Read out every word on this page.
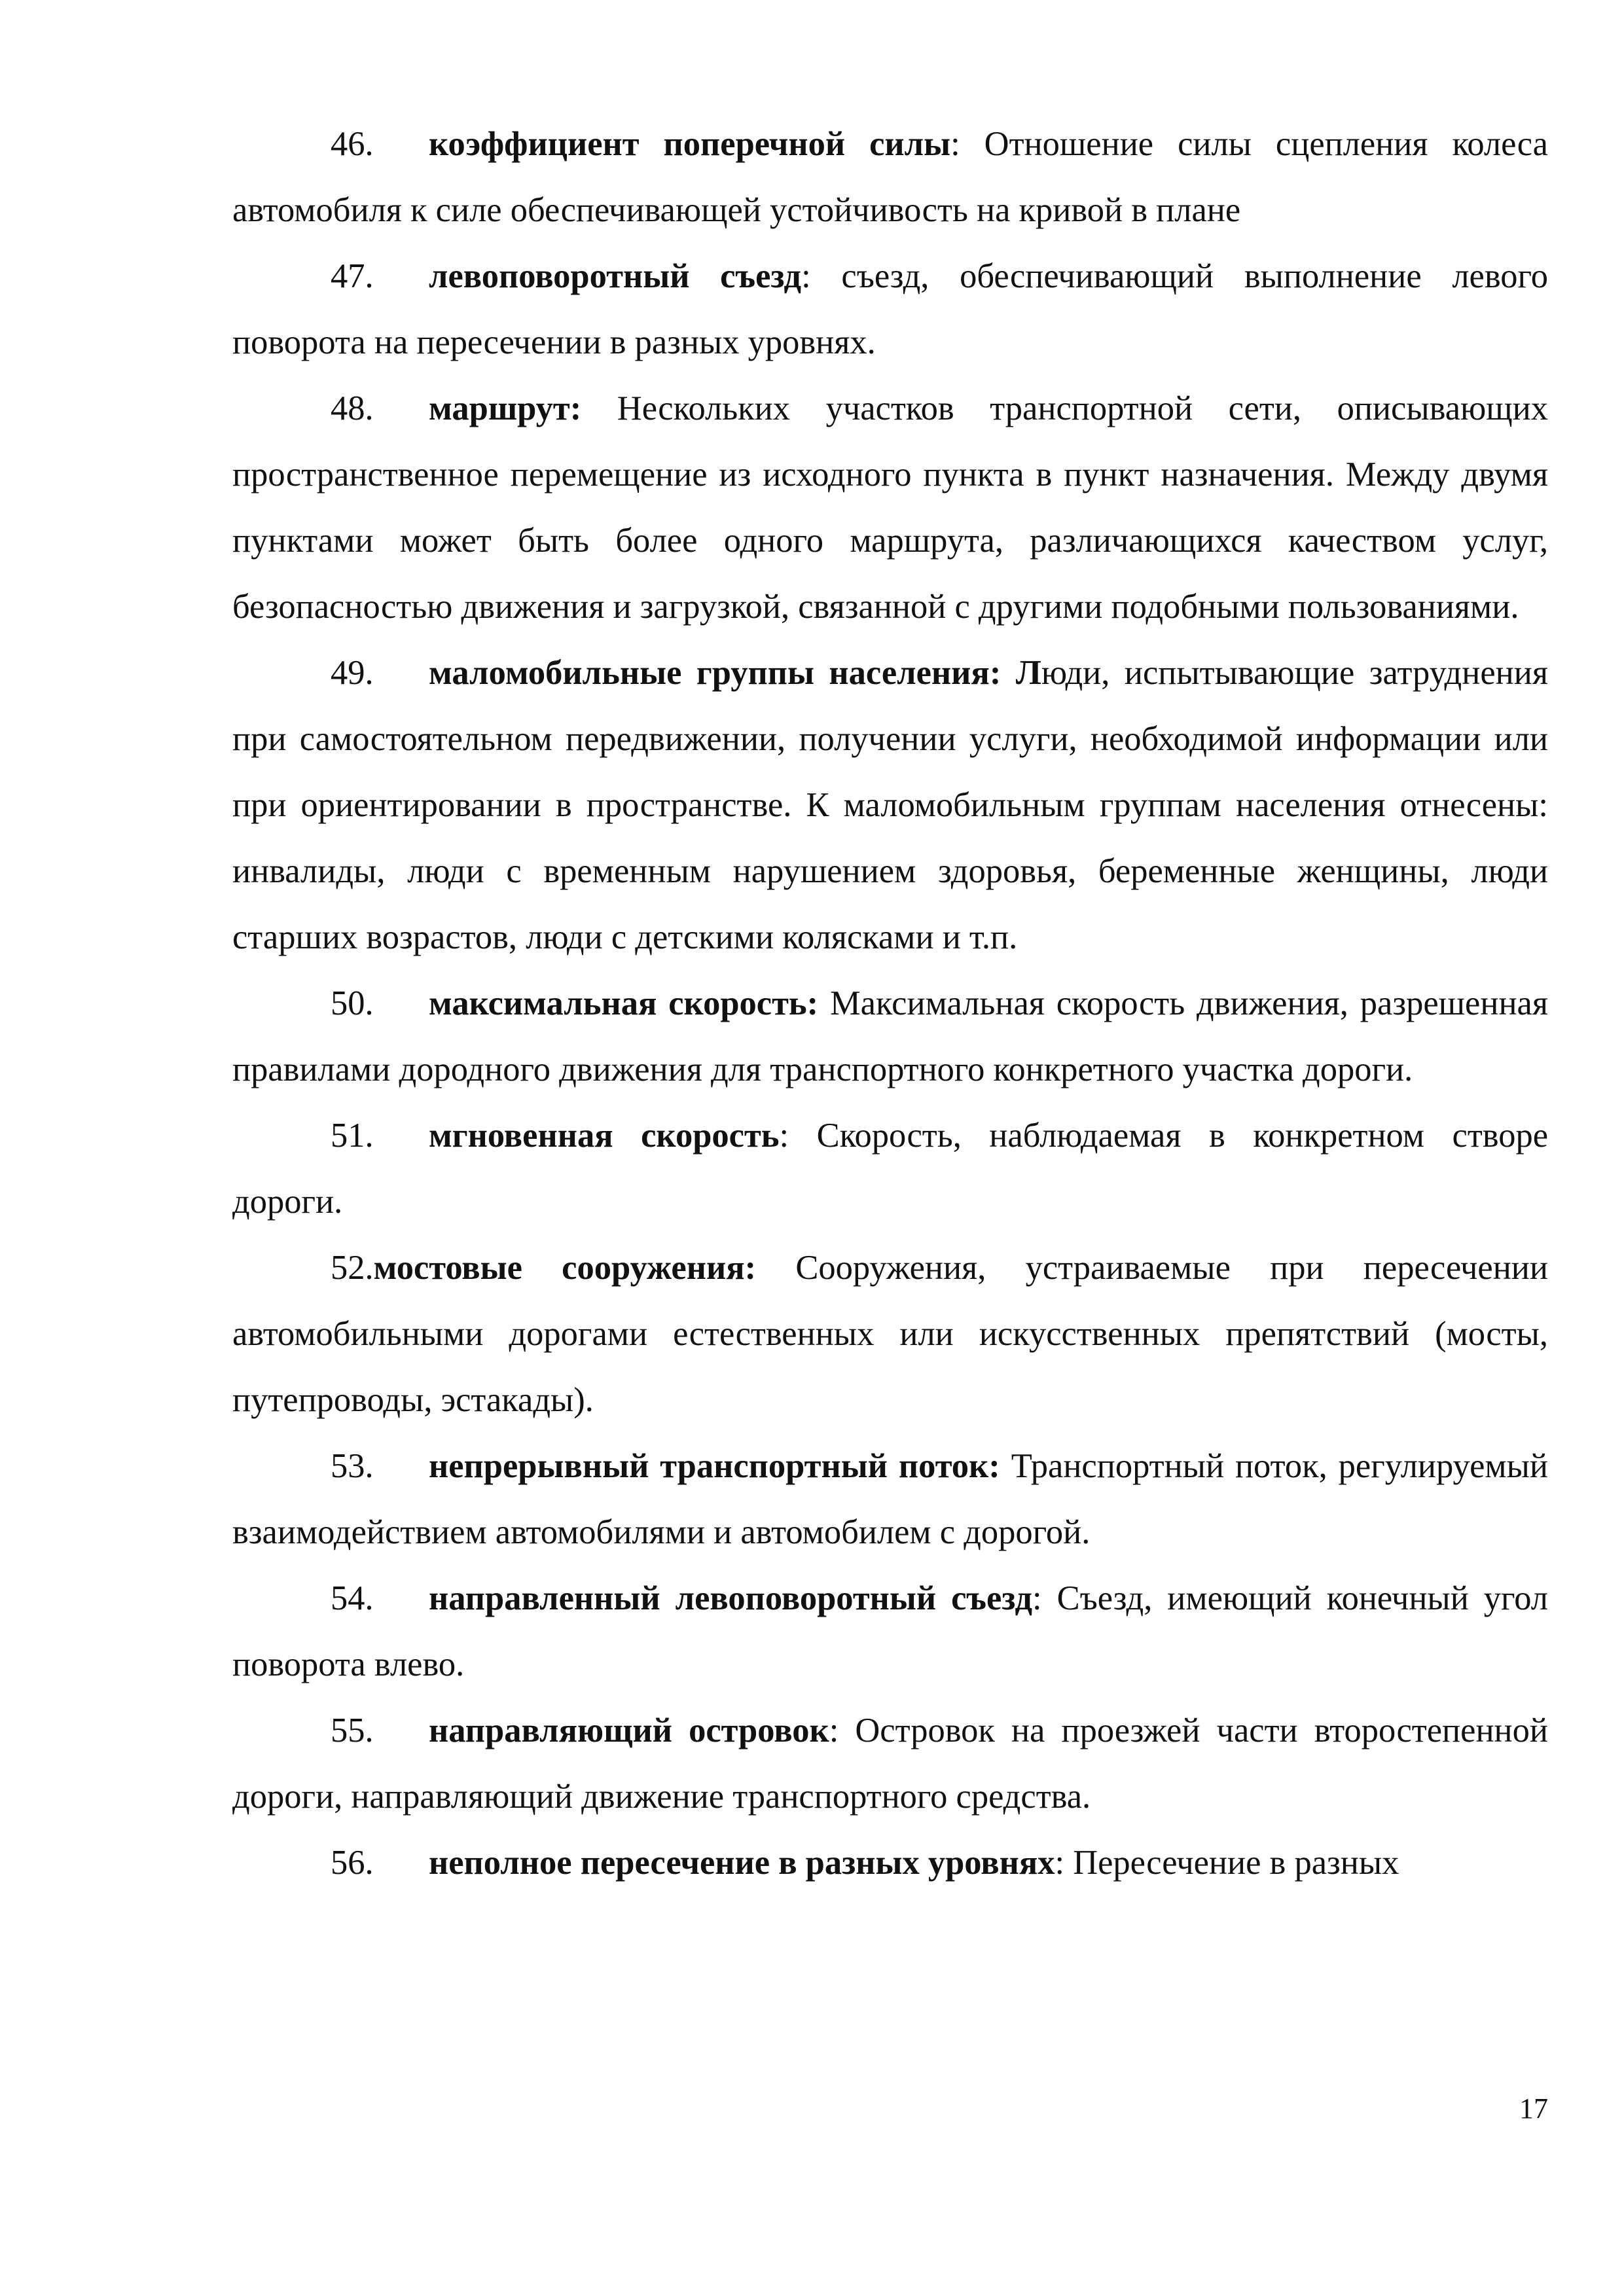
46. коэффициент поперечной силы: Отношение силы сцепления колеса автомобиля к силе обеспечивающей устойчивость на кривой в плане

47. левоповоротный съезд: съезд, обеспечивающий выполнение левого поворота на пересечении в разных уровнях.

48. маршрут: Нескольких участков транспортной сети, описывающих пространственное перемещение из исходного пункта в пункт назначения. Между двумя пунктами может быть более одного маршрута, различающихся качеством услуг, безопасностью движения и загрузкой, связанной с другими подобными пользованиями.

49. маломобильные группы населения: Люди, испытывающие затруднения при самостоятельном передвижении, получении услуги, необходимой информации или при ориентировании в пространстве. К маломобильным группам населения отнесены: инвалиды, люди с временным нарушением здоровья, беременные женщины, люди старших возрастов, люди с детскими колясками и т.п.

50. максимальная скорость: Максимальная скорость движения, разрешенная правилами дородного движения для транспортного конкретного участка дороги.

51. мгновенная скорость: Скорость, наблюдаемая в конкретном створе дороги.

52.мостовые сооружения: Сооружения, устраиваемые при пересечении автомобильными дорогами естественных или искусственных препятствий (мосты, путепроводы, эстакады).

53. непрерывный транспортный поток: Транспортный поток, регулируемый взаимодействием автомобилями и автомобилем с дорогой.

54. направленный левоповоротный съезд: Съезд, имеющий конечный угол поворота влево.

55. направляющий островок: Островок на проезжей части второстепенной дороги, направляющий движение транспортного средства.

56. неполное пересечение в разных уровнях: Пересечение в разных

17
